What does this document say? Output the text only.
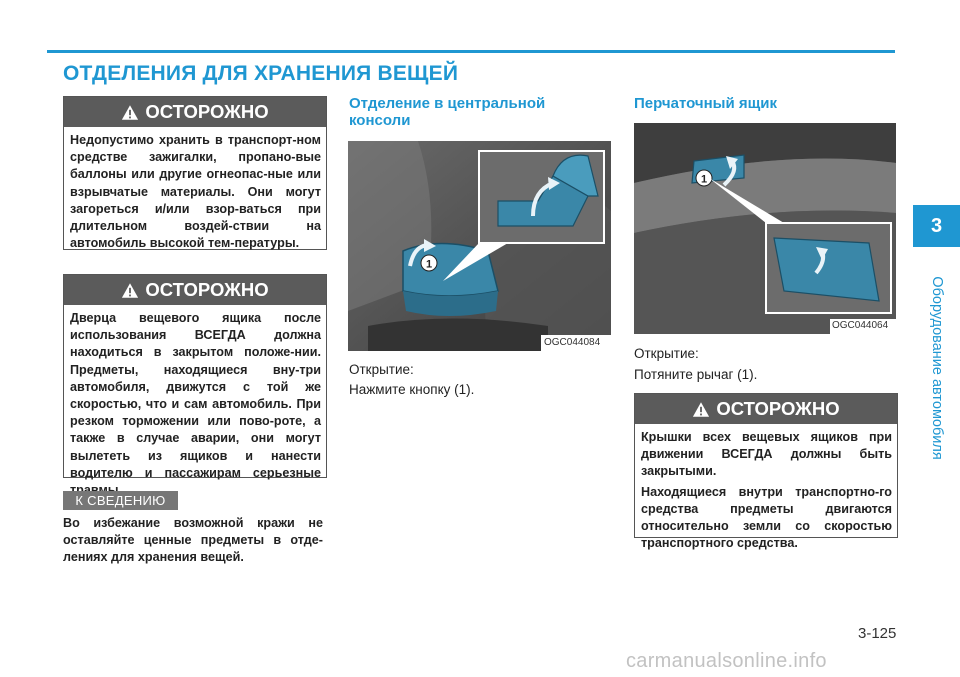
ОТДЕЛЕНИЯ ДЛЯ ХРАНЕНИЯ ВЕЩЕЙ
ОСТОРОЖНО

Недопустимо хранить в транспорт-ном средстве зажигалки, пропано-вые баллоны или другие огнеопас-ные или взрывчатые материалы. Они могут загореться и/или взор-ваться при длительном воздей-ствии на автомобиль высокой тем-пературы.

ОСТОРОЖНО

Дверца вещевого ящика после использования ВСЕГДА должна находиться в закрытом положе-нии. Предметы, находящиеся вну-три автомобиля, движутся с той же скоростью, что и сам автомобиль. При резком торможении или пово-роте, а также в случае аварии, они могут вылететь из ящиков и нанести водителю и пассажирам серьезные

К СВЕДЕНИЮ
Во избежание возможной кражи не оставляйте ценные предметы в отде-лениях для хранения вещей.
Отделение в центральной
консоли
1
OGC044084
Открытие:
Нажмите кнопку (1).
Перчаточный ящик
1
OGC044064
Открытие:
Потяните рычаг (1).
ОСТОРОЖНО

Крышки всех вещевых ящиков при движении ВСЕГДА должны быть закрытыми.

Находящиеся внутри транспортно-го средства предметы двигаются относительно земли со скоростью транспортного средства.

3
Оборудование автомобиля
3-125
carmanualsonline.info
